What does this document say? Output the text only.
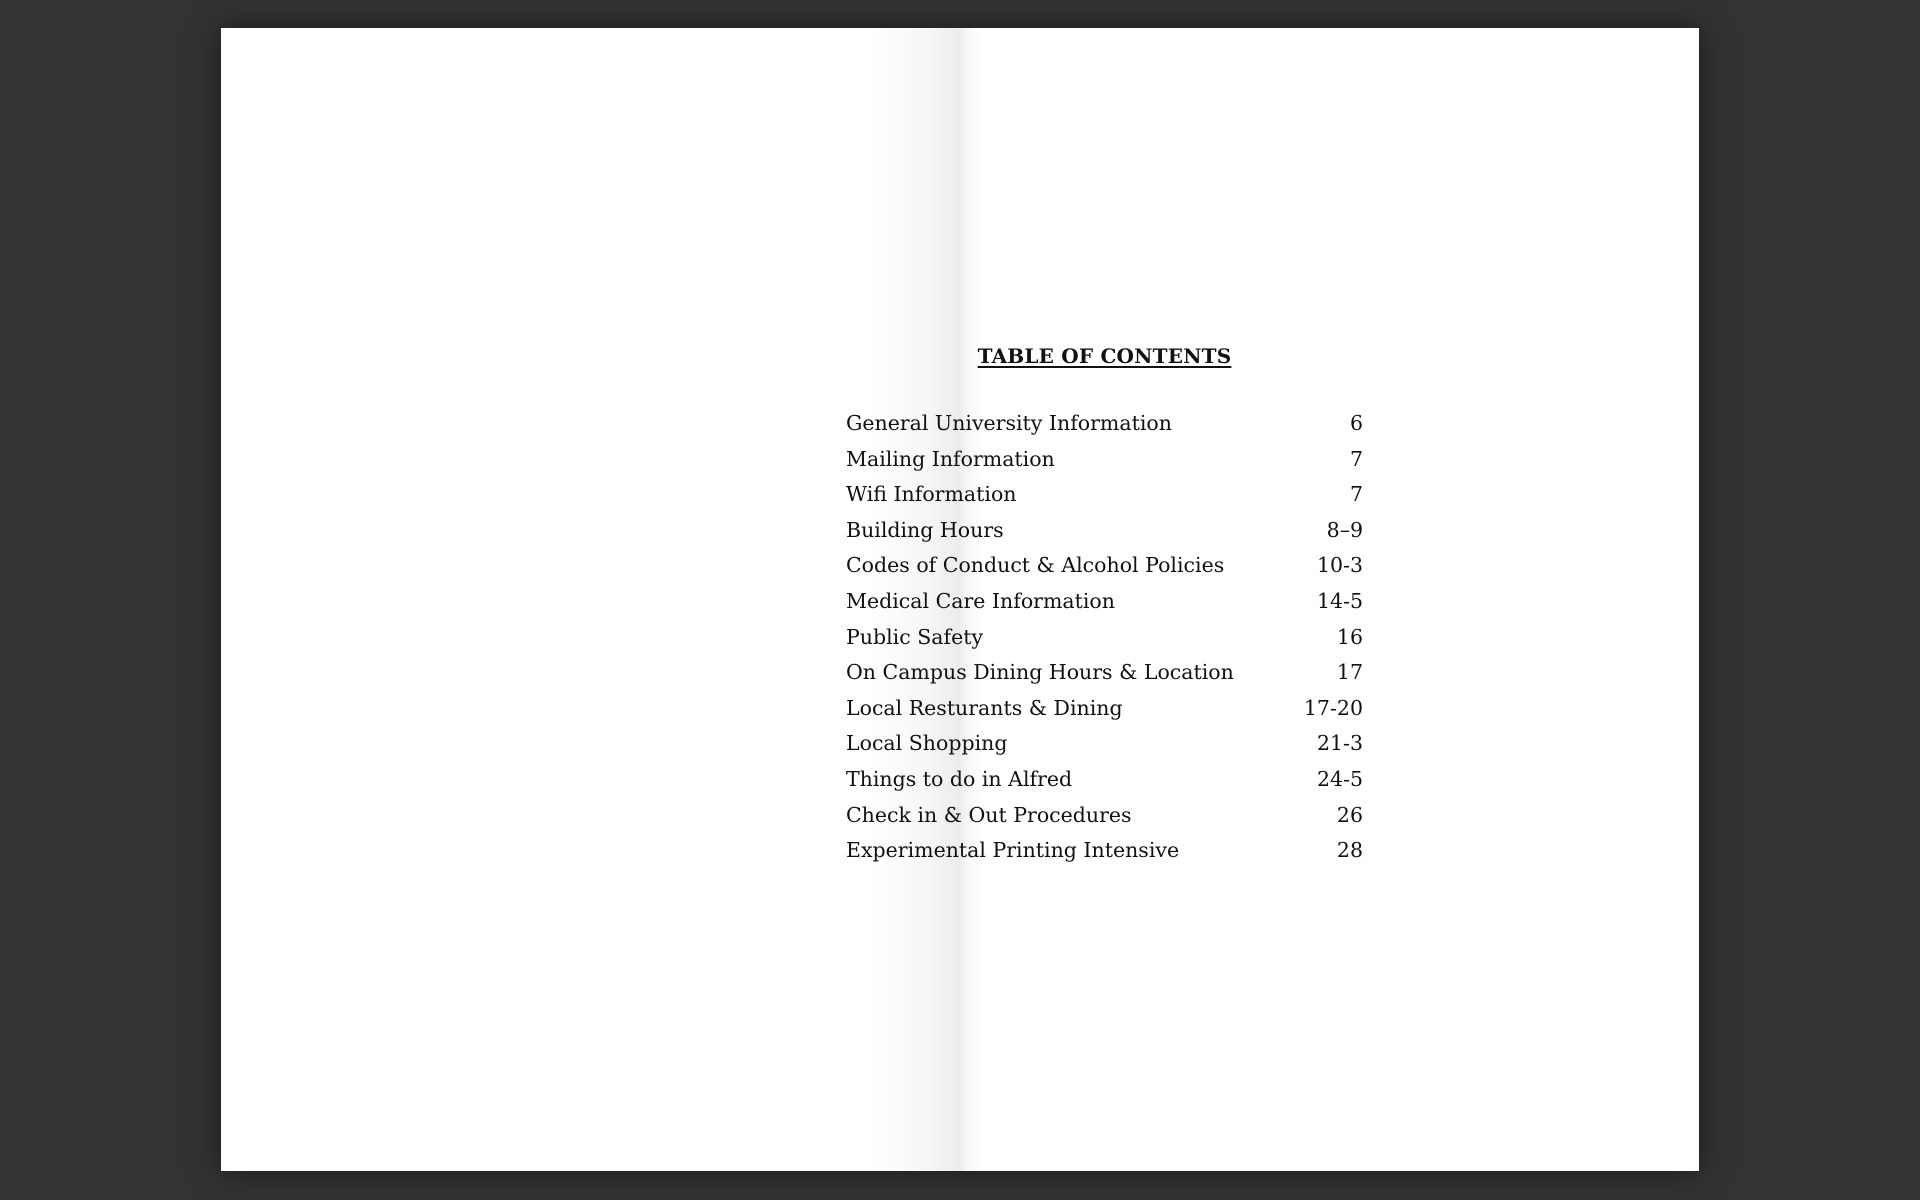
TABLE OF CONTENTS
General University Information	6
Mailing Information	7
Wifi Information	7
Building Hours	8–9
Codes of Conduct & Alcohol Policies	10-3
Medical Care Information	14-5
Public Safety	16
On Campus Dining Hours & Location	17
Local Resturants & Dining	17-20
Local Shopping	21-3
Things to do in Alfred	24-5
Check in & Out Procedures	26
Experimental Printing Intensive	28
